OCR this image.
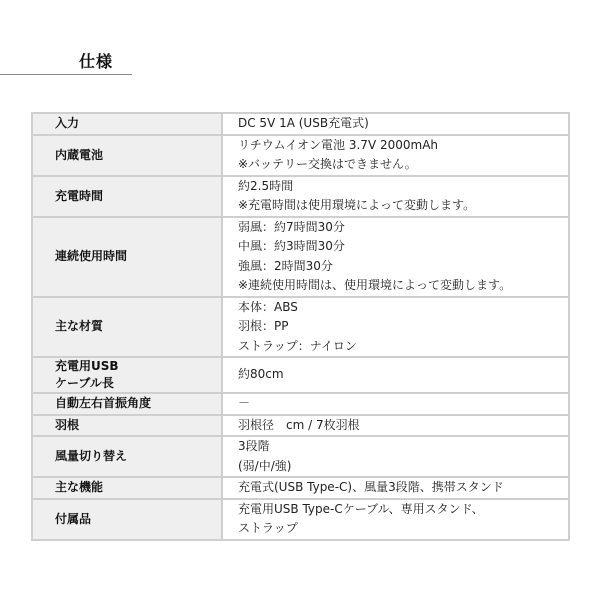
仕様
入力	DC 5V 1A (USB充電式)

内蔵電池	リチウムイオン電池 3.7V 2000mAh
※バッテリー交換はできません。

充電時間	約2.5時間
※充電時間は使用環境によって変動します。

連続使用時間	弱風：約7時間30分
中風：約3時間30分
強風：2時間30分
※連続使用時間は、使用環境によって変動します。

主な材質	本体：ABS
羽根：PP
ストラップ：ナイロン

充電用USB
ケーブル長	約80cm

自動左右首振角度	－

羽根	羽根径　cm / 7枚羽根

風量切り替え	3段階
(弱/中/強)

主な機能	充電式(USB Type-C)、風量3段階、携帯スタンド

付属品	充電用USB Type-Cケーブル、専用スタンド、
ストラップ
